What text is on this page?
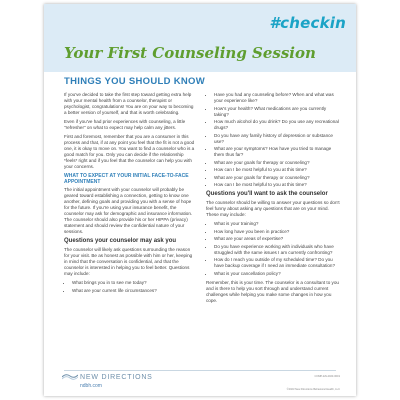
#checkin
Your First Counseling Session
THINGS YOU SHOULD KNOW

If you've decided to take the first step toward getting extra help with your mental health from a counselor, therapist or psychologist, congratulations! You are on your way to becoming a better version of yourself, and that is worth celebrating.

Even if you've had prior experiences with counseling, a little "refresher" on what to expect may help calm any jitters.

First and foremost, remember that you are a consumer in this process and that, if at any point you feel that the fit is not a good one, it is okay to move on. You want to find a counselor who is a good match for you. Only you can decide if the relationship *feels* right and if you feel that the counselor can help you with your concerns.

WHAT TO EXPECT AT YOUR INITIAL FACE-TO-FACE APPOINTMENT

The initial appointment with your counselor will probably be geared toward establishing a connection, getting to know one another, defining goals and providing you with a sense of hope for the future. If you're using your insurance benefit, the counselor may ask for demographic and insurance information. The counselor should also provide his or her HIPPA (privacy) statement and should review the confidential nature of your sessions.

Questions your counselor may ask you

The counselor will likely ask questions surrounding the reason for your visit. Be as honest as possible with him or her, keeping in mind that the conversation is confidential, and that the counselor is interested in helping you to feel better. Questions may include:

• What brings you in to see me today?
• What are your current life circumstances?
• Have you had any counseling before? When and what was your experience like?
• How's your health? What medications are you currently taking?
• How much alcohol do you drink? Do you use any recreational drugs?
• Do you have any family history of depression or substance use?
• What are your symptoms? How have you tried to manage them thus far?
• What are your goals for therapy or counseling?
• How can I be most helpful to you at this time?
• What are your goals for therapy or counseling?
• How can I be most helpful to you at this time?
Questions you'll want to ask the counselor

The counselor should be willing to answer your questions so don't feel funny about asking any questions that are on your mind. These may include:

• What is your training?
• How long have you been in practice?
• What are your areas of expertise?
• Do you have experience working with individuals who have struggled with the same issues I am currently confronting?
• How do I reach you outside of my scheduled time? Do you have backup coverage if I need an immediate consultation?
• What is your cancellation policy?

Remember, this is your time. The counselor is a consultant to you and is there to help you sort through and understand current challenges while helping you make some changes in how you cope.

NEW DIRECTIONS
ndbh.com
COMP-EN-2023-0019
©2023 New Directions Behavioral Health, LLC
